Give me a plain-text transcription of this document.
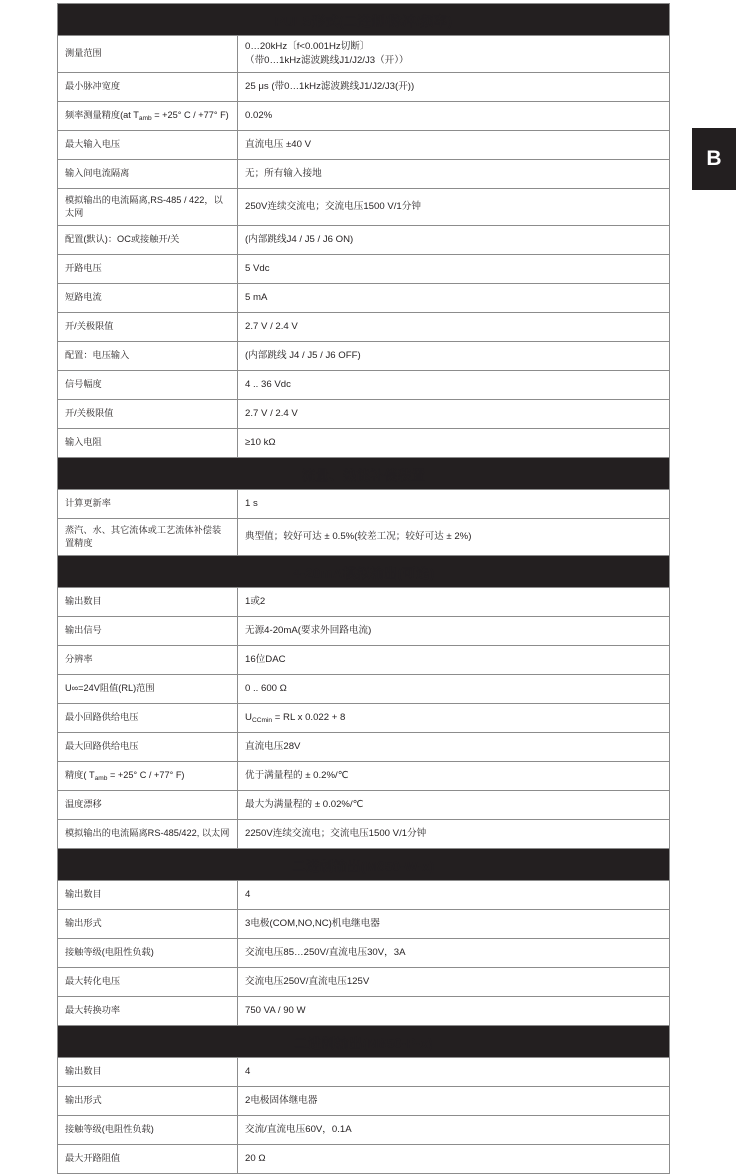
PULS形式(二进制/脉冲/频率)	
测量范围	0…20kHz〔f<0.001Hz切断〕
（带0…1kHz滤波跳线J1/J2/J3（开））

最小脉冲宽度	25 μs (带0…1kHz滤波跳线J1/J2/J3(开))

频率测量精度(at $T_{amb} = +25^\circ$ C / +77° F)	0.02%

最大输入电压	直流电压 ±40 V

输入间电流隔离	无；所有输入接地

模拟输出的电流隔离,RS-485 / 422，以
太网	250V连续交流电；交流电压1500 V/1分钟

配置(默认)：OC或接触开/关	(内部跳线J4 / J5 / J6 ON)

开路电压	5 Vdc

短路电流	5 mA

开/关极限值	2.7 V / 2.4 V

配置：电压输入	(内部跳线 J4 / J5 / J6 OFF)

信号幅度	4 .. 36 Vdc

开/关极限值	2.7 V / 2.4 V

输入电阻	≥10 kΩ

流量、热能补偿装置	
计算更新率	1 s

蒸汽、水、其它流体或工艺流体补偿装
置精度	典型值；较好可达 ± 0.5%(较差工况；较好可达 ± 2%)

4-20mA模拟输出(可选)	
输出数目	1或2

输出信号	无源4-20mA(要求外回路电流)

分辨率	16位DAC

U∞=24V阻值(RL)范围	0 .. 600 Ω

最小回路供给电压	$U_{CCmin}$ = RL x 0.022 + 8
最大回路供给电压	直流电压28V

精度( $T_{amb} = +25^\circ$ C / +77° F)	优于满量程的 ± 0.2%/℃

温度漂移	最大为满量程的 ± 0.02%/℃

模拟输出的电流隔离RS-485/422, 以太网	2250V连续交流电；交流电压1500 V/1分钟

二进制输出(M850-W-x)	
输出数目	4

输出形式	3电极(COM,NO,NC)机电继电器

接触等级(电阻性负载)	交流电压85…250V/直流电压30V，3A

最大转化电压	交流电压250V/直流电压125V

最大转换功率	750 VA / 90 W

二进制输出(M850-P-x)	
输出数目	4

输出形式	2电极固体继电器

接触等级(电阻性负载)	交流/直流电压60V，0.1A

最大开路阻值	20 Ω
B
